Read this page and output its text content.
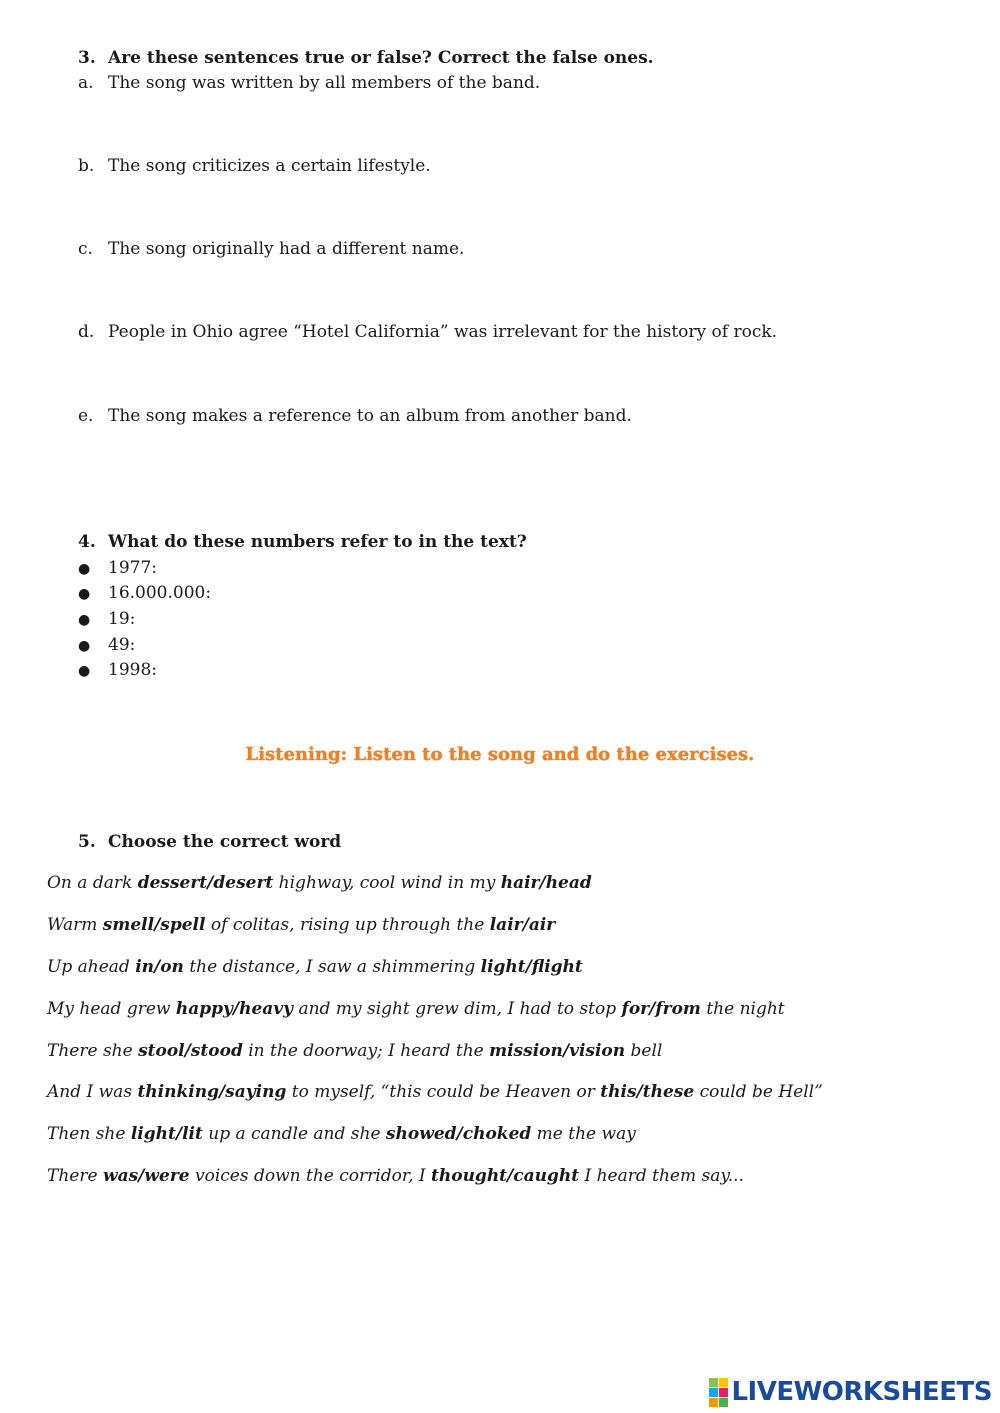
3. Are these sentences true or false? Correct the false ones.
a. The song was written by all members of the band.
b. The song criticizes a certain lifestyle.
c. The song originally had a different name.
d. People in Ohio agree “Hotel California” was irrelevant for the history of rock.
e. The song makes a reference to an album from another band.
4. What do these numbers refer to in the text?
● 1977:
● 16.000.000:
● 19:
● 49:
● 1998:
Listening: Listen to the song and do the exercises.
5. Choose the correct word
On a dark dessert/desert highway, cool wind in my hair/head
Warm smell/spell of colitas, rising up through the lair/air
Up ahead in/on the distance, I saw a shimmering light/flight
My head grew happy/heavy and my sight grew dim, I had to stop for/from the night
There she stool/stood in the doorway; I heard the mission/vision bell
And I was thinking/saying to myself, “this could be Heaven or this/these could be Hell”
Then she light/lit up a candle and she showed/choked me the way
There was/were voices down the corridor, I thought/caught I heard them say...
LIVEWORKSHEETS
